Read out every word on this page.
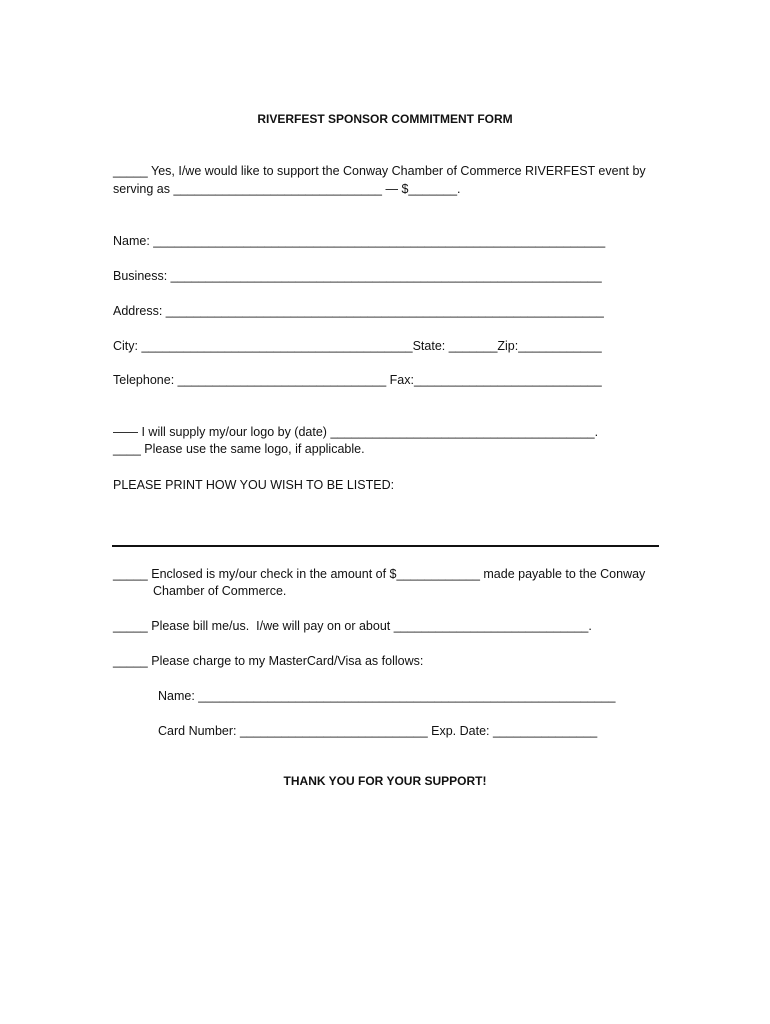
RIVERFEST SPONSOR COMMITMENT FORM
_____ Yes, I/we would like to support the Conway Chamber of Commerce RIVERFEST event by
serving as ______________________________ — $_______.
Name: _________________________________________________________________
Business: ______________________________________________________________
Address: _______________________________________________________________
City: _______________________________________State: _______Zip:____________
Telephone: ______________________________ Fax:___________________________
—— I will supply my/our logo by (date) ______________________________________.
____ Please use the same logo, if applicable.
PLEASE PRINT HOW YOU WISH TO BE LISTED:
_____ Enclosed is my/our check in the amount of $____________ made payable to the Conway
Chamber of Commerce.
_____ Please bill me/us.  I/we will pay on or about ____________________________.
_____ Please charge to my MasterCard/Visa as follows:
Name: ____________________________________________________________
Card Number: ___________________________ Exp. Date: _______________
THANK YOU FOR YOUR SUPPORT!
